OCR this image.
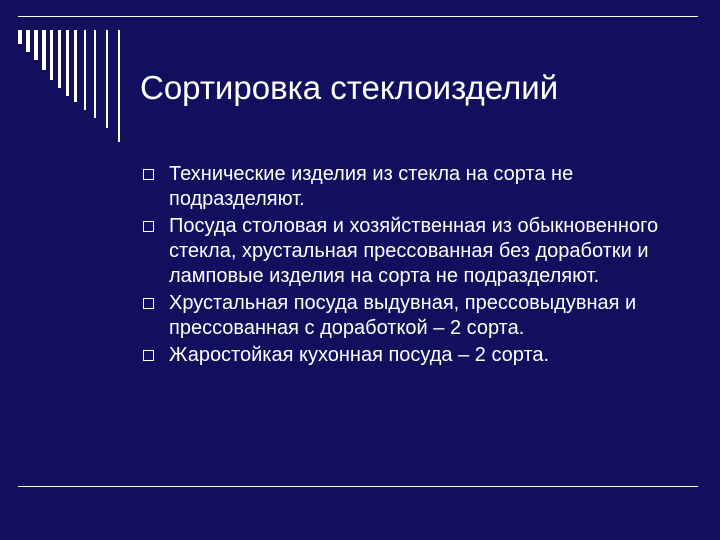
Сортировка стеклоизделий
Технические изделия из стекла на сорта не подразделяют.
Посуда столовая и хозяйственная из обыкновенного стекла, хрустальная прессованная без доработки и ламповые изделия на сорта не подразделяют.
Хрустальная посуда выдувная, прессовыдувная и прессованная с доработкой – 2 сорта.
Жаростойкая кухонная посуда – 2 сорта.
